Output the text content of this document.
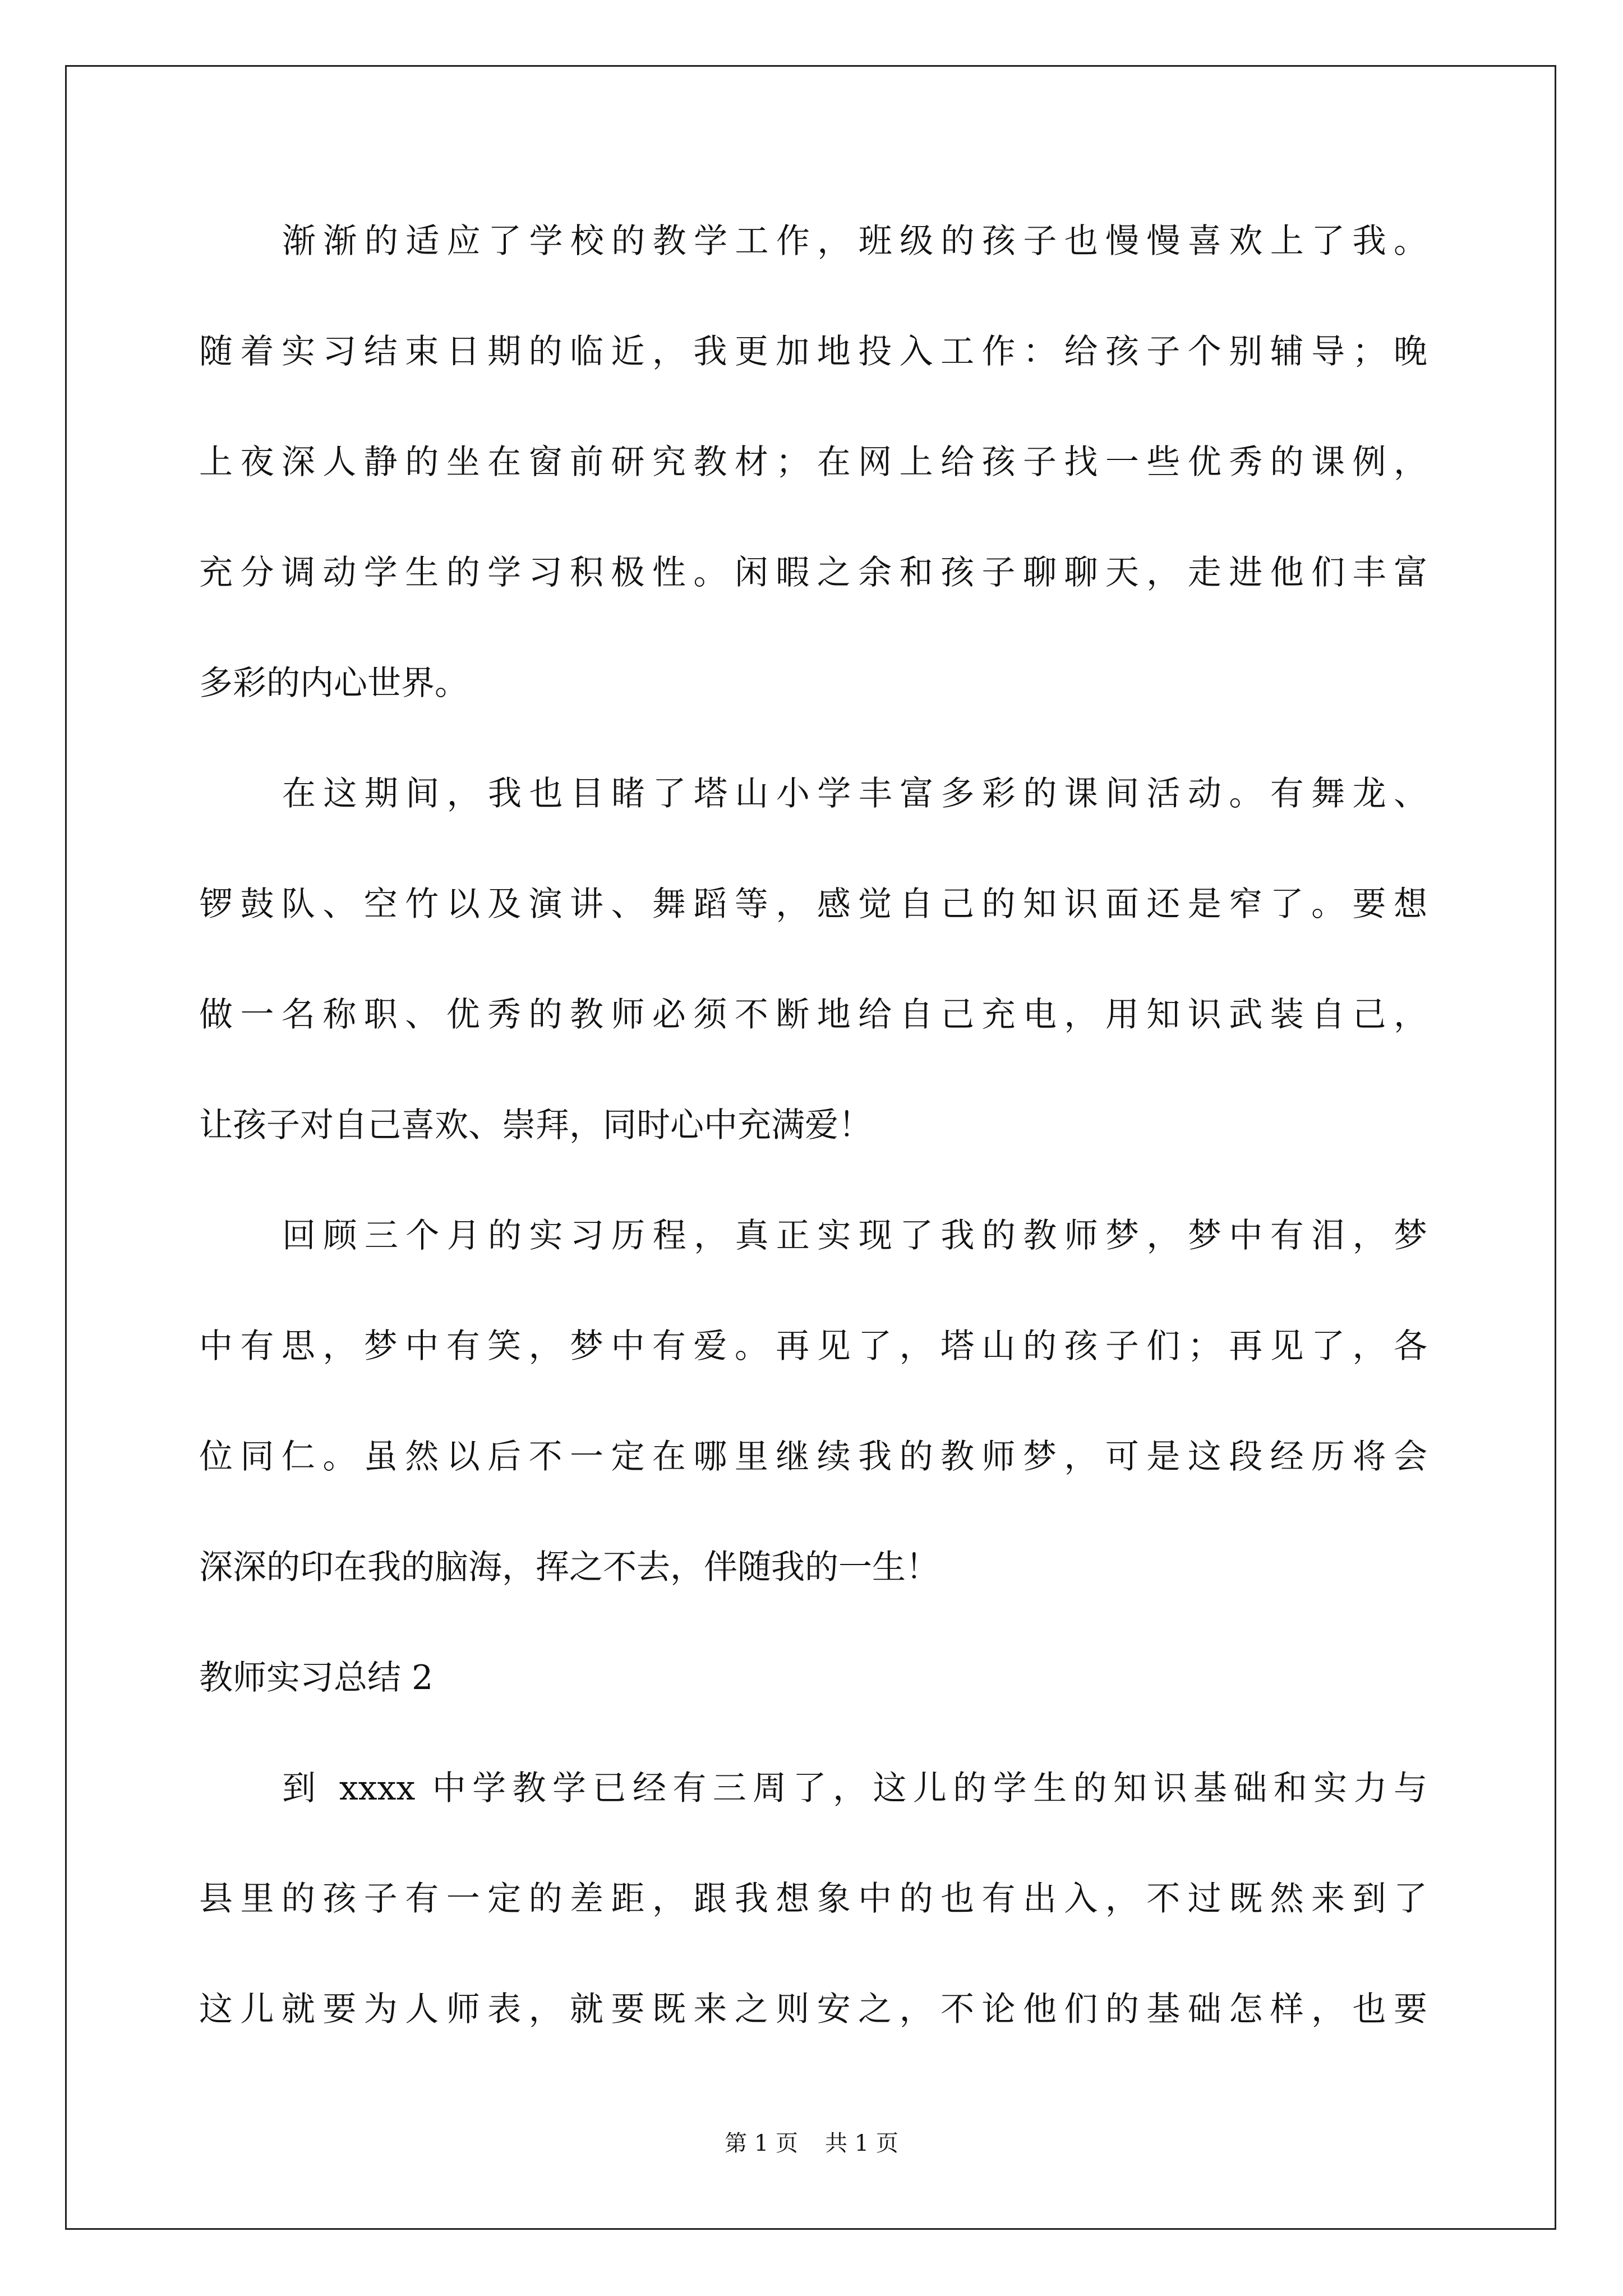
渐渐的适应了学校的教学工作，班级的孩子也慢慢喜欢上了我。
随着实习结束日期的临近，我更加地投入工作：给孩子个别辅导；晚
上夜深人静的坐在窗前研究教材；在网上给孩子找一些优秀的课例，
充分调动学生的学习积极性。闲暇之余和孩子聊聊天，走进他们丰富
多彩的内心世界。
在这期间，我也目睹了塔山小学丰富多彩的课间活动。有舞龙、
锣鼓队、空竹以及演讲、舞蹈等，感觉自己的知识面还是窄了。要想
做一名称职、优秀的教师必须不断地给自己充电，用知识武装自己，
让孩子对自己喜欢、崇拜，同时心中充满爱！
回顾三个月的实习历程，真正实现了我的教师梦，梦中有泪，梦
中有思，梦中有笑，梦中有爱。再见了，塔山的孩子们；再见了，各
位同仁。虽然以后不一定在哪里继续我的教师梦，可是这段经历将会
深深的印在我的脑海，挥之不去，伴随我的一生！
教师实习总结 2
到 xxxx 中学教学已经有三周了，这儿的学生的知识基础和实力与
县里的孩子有一定的差距，跟我想象中的也有出入，不过既然来到了
这儿就要为人师表，就要既来之则安之，不论他们的基础怎样，也要
第 1 页 共 1 页
